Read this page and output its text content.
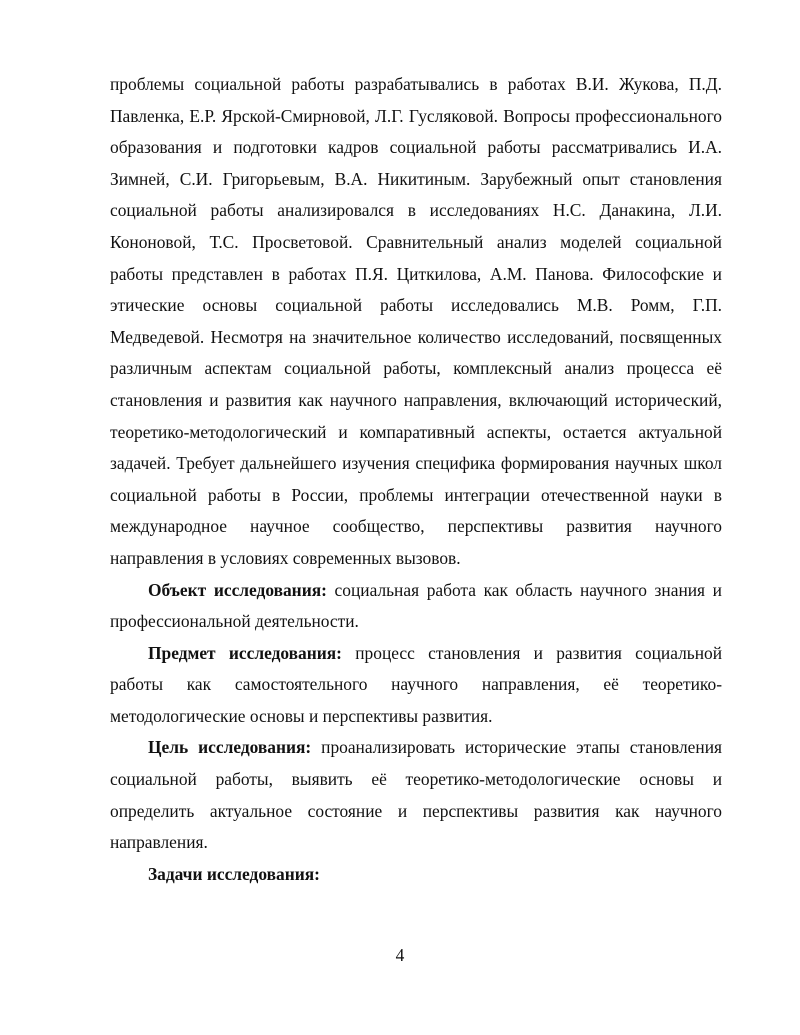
проблемы социальной работы разрабатывались в работах В.И. Жукова, П.Д. Павленка, Е.Р. Ярской-Смирновой, Л.Г. Гусляковой. Вопросы профессионального образования и подготовки кадров социальной работы рассматривались И.А. Зимней, С.И. Григорьевым, В.А. Никитиным. Зарубежный опыт становления социальной работы анализировался в исследованиях Н.С. Данакина, Л.И. Кононовой, Т.С. Просветовой. Сравнительный анализ моделей социальной работы представлен в работах П.Я. Циткилова, А.М. Панова. Философские и этические основы социальной работы исследовались М.В. Ромм, Г.П. Медведевой. Несмотря на значительное количество исследований, посвященных различным аспектам социальной работы, комплексный анализ процесса её становления и развития как научного направления, включающий исторический, теоретико-методологический и компаративный аспекты, остается актуальной задачей. Требует дальнейшего изучения специфика формирования научных школ социальной работы в России, проблемы интеграции отечественной науки в международное научное сообщество, перспективы развития научного направления в условиях современных вызовов.

Объект исследования: социальная работа как область научного знания и профессиональной деятельности.

Предмет исследования: процесс становления и развития социальной работы как самостоятельного научного направления, её теоретико-методологические основы и перспективы развития.

Цель исследования: проанализировать исторические этапы становления социальной работы, выявить её теоретико-методологические основы и определить актуальное состояние и перспективы развития как научного направления.

Задачи исследования:

4
